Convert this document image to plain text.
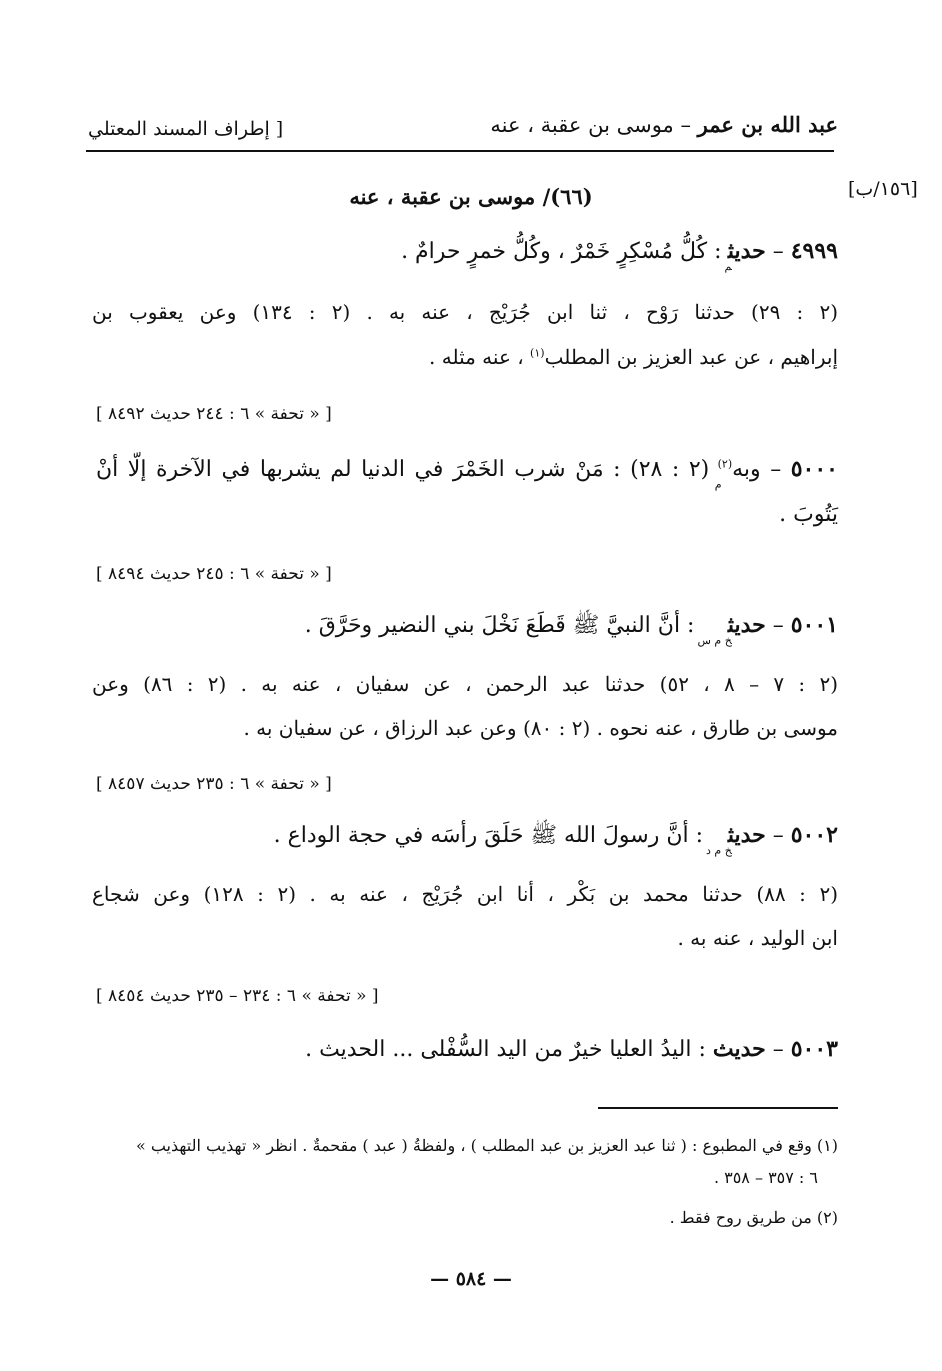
عبد الله بن عمر – موسى بن عقبة ، عنه
[ إطراف المسند المعتلي
[١٥٦/ب]
(٦٦)/ موسى بن عقبة ، عنه
٤٩٩٩ – حديث$_م$ : كُلُّ مُسْكِرٍ خَمْرٌ ، وكُلُّ خمرٍ حرامٌ .
(٢ : ٢٩) حدثنا رَوْح ، ثنا ابن جُرَيْج ، عنه به . (٢ : ١٣٤) وعن يعقوب بن
إبراهيم ، عن عبد العزيز بن المطلب$^{(١)}$ ، عنه مثله .
[ « تحفة » ٦ : ٢٤٤ حديث ٨٤٩٢ ]
٥٠٠٠ – وبه$^{(٢)}_م$ (٢ : ٢٨) : مَنْ شرب الخَمْرَ في الدنيا لم يشربها في الآخرة إلّا أنْ
يَتُوبَ .
[ « تحفة » ٦ : ٢٤٥ حديث ٨٤٩٤ ]
٥٠٠١ – حديث$_{خ م س}$ : أنَّ النبيَّ ﷺ قَطَعَ نَخْلَ بني النضير وحَرَّقَ .
(٢ : ٧ – ٨ ، ٥٢) حدثنا عبد الرحمن ، عن سفيان ، عنه به . (٢ : ٨٦) وعن
موسى بن طارق ، عنه نحوه . (٢ : ٨٠) وعن عبد الرزاق ، عن سفيان به .
[ « تحفة » ٦ : ٢٣٥ حديث ٨٤٥٧ ]
٥٠٠٢ – حديث$_{خ م د}$ : أنَّ رسولَ الله ﷺ حَلَقَ رأسَه في حجة الوداع .
(٢ : ٨٨) حدثنا محمد بن بَكْر ، أنا ابن جُرَيْج ، عنه به . (٢ : ١٢٨) وعن شجاع
ابن الوليد ، عنه به .
[ « تحفة » ٦ : ٢٣٤ – ٢٣٥ حديث ٨٤٥٤ ]
٥٠٠٣ – حديث : اليدُ العليا خيرٌ من اليد السُّفْلى ... الحديث .
(١) وقع في المطبوع : ( ثنا عبد العزيز بن عبد المطلب ) ، ولفظةُ ( عبد ) مقحمةٌ . انظر « تهذيب التهذيب »
٦ : ٣٥٧ – ٣٥٨ .
(٢) من طريق روح فقط .
— ٥٨٤ —
